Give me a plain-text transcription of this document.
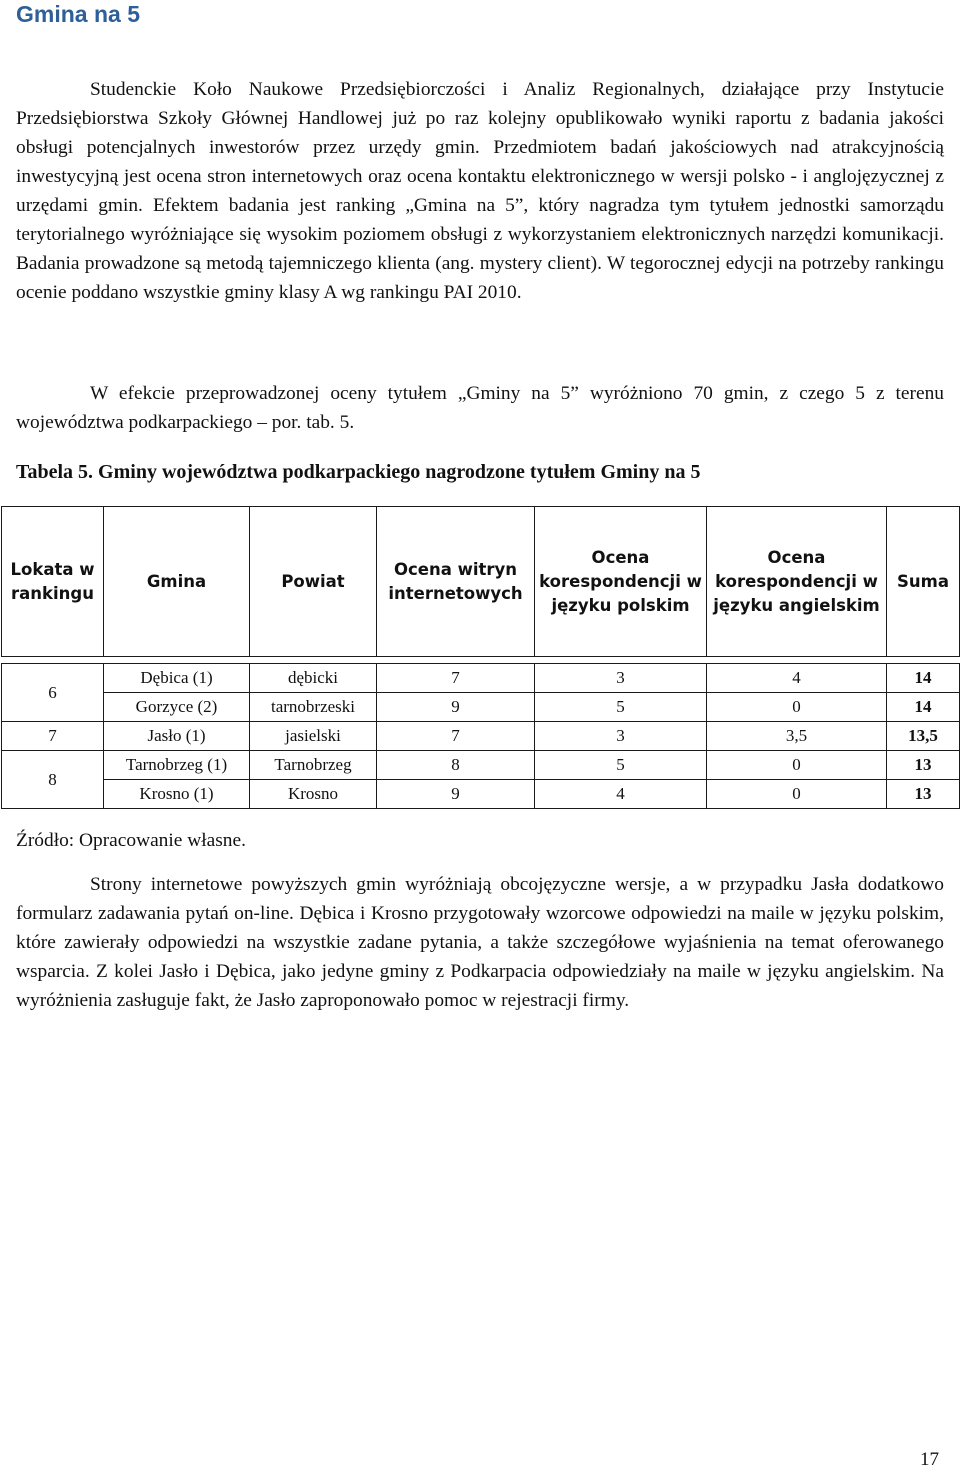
Gmina na 5

Studenckie Koło Naukowe Przedsiębiorczości i Analiz Regionalnych, działające przy Instytucie Przedsiębiorstwa Szkoły Głównej Handlowej już po raz kolejny opublikowało wyniki raportu z badania jakości obsługi potencjalnych inwestorów przez urzędy gmin. Przedmiotem badań jakościowych nad atrakcyjnością inwestycyjną jest ocena stron internetowych oraz ocena kontaktu elektronicznego w wersji polsko - i anglojęzycznej z urzędami gmin. Efektem badania jest ranking „Gmina na 5”, który nagradza tym tytułem jednostki samorządu terytorialnego wyróżniające się wysokim poziomem obsługi z wykorzystaniem elektronicznych narzędzi komunikacji. Badania prowadzone są metodą tajemniczego klienta (ang. mystery client). W tegorocznej edycji na potrzeby rankingu ocenie poddano wszystkie gminy klasy A wg rankingu PAI 2010.

W efekcie przeprowadzonej oceny tytułem „Gminy na 5” wyróżniono 70 gmin, z czego 5 z terenu województwa podkarpackiego – por. tab. 5.

Tabela 5. Gminy województwa podkarpackiego nagrodzone tytułem Gminy na 5

Lokata w rankingu	Gmina	Powiat	Ocena witryn internetowych	Ocena korespondencji w języku polskim	Ocena korespondencji w języku angielskim	Suma

6	Dębica (1)	dębicki	7	3	4	14
	Gorzyce (2)	tarnobrzeski	9	5	0	14
7	Jasło (1)	jasielski	7	3	3,5	13,5
8	Tarnobrzeg (1)	Tarnobrzeg	8	5	0	13
	Krosno (1)	Krosno	9	4	0	13

Źródło: Opracowanie własne.

Strony internetowe powyższych gmin wyróżniają obcojęzyczne wersje, a w przypadku Jasła dodatkowo formularz zadawania pytań on-line. Dębica i Krosno przygotowały wzorcowe odpowiedzi na maile w języku polskim, które zawierały odpowiedzi na wszystkie zadane pytania, a także szczegółowe wyjaśnienia na temat oferowanego wsparcia. Z kolei Jasło i Dębica, jako jedyne gminy z Podkarpacia odpowiedziały na maile w języku angielskim. Na wyróżnienia zasługuje fakt, że Jasło zaproponowało pomoc w rejestracji firmy.

17
